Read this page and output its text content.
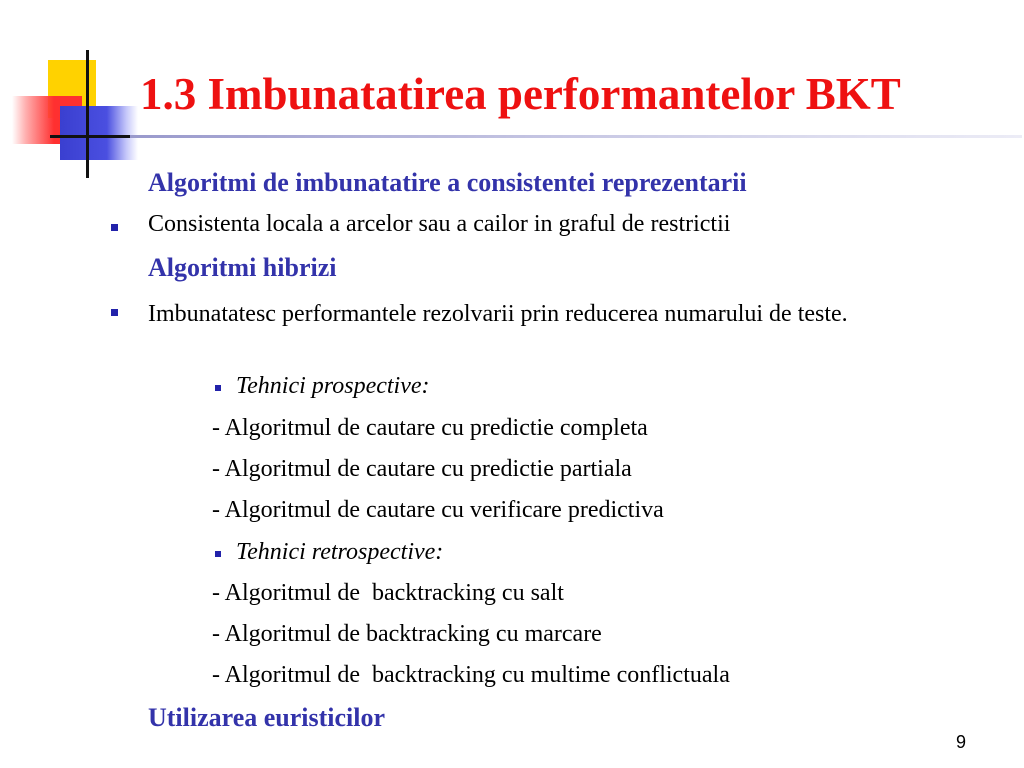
1.3 Imbunatatirea performantelor BKT
Algoritmi de imbunatatire a consistentei reprezentarii
Consistenta locala a arcelor sau a cailor in graful de restrictii
Algoritmi hibrizi
Imbunatatesc performantele rezolvarii prin reducerea numarului de teste.
Tehnici prospective:
- Algoritmul de cautare cu predictie completa
- Algoritmul de cautare cu predictie partiala
- Algoritmul de cautare cu verificare predictiva
Tehnici retrospective:
- Algoritmul de  backtracking cu salt
- Algoritmul de backtracking cu marcare
- Algoritmul de  backtracking cu multime conflictuala
Utilizarea euristicilor
9
